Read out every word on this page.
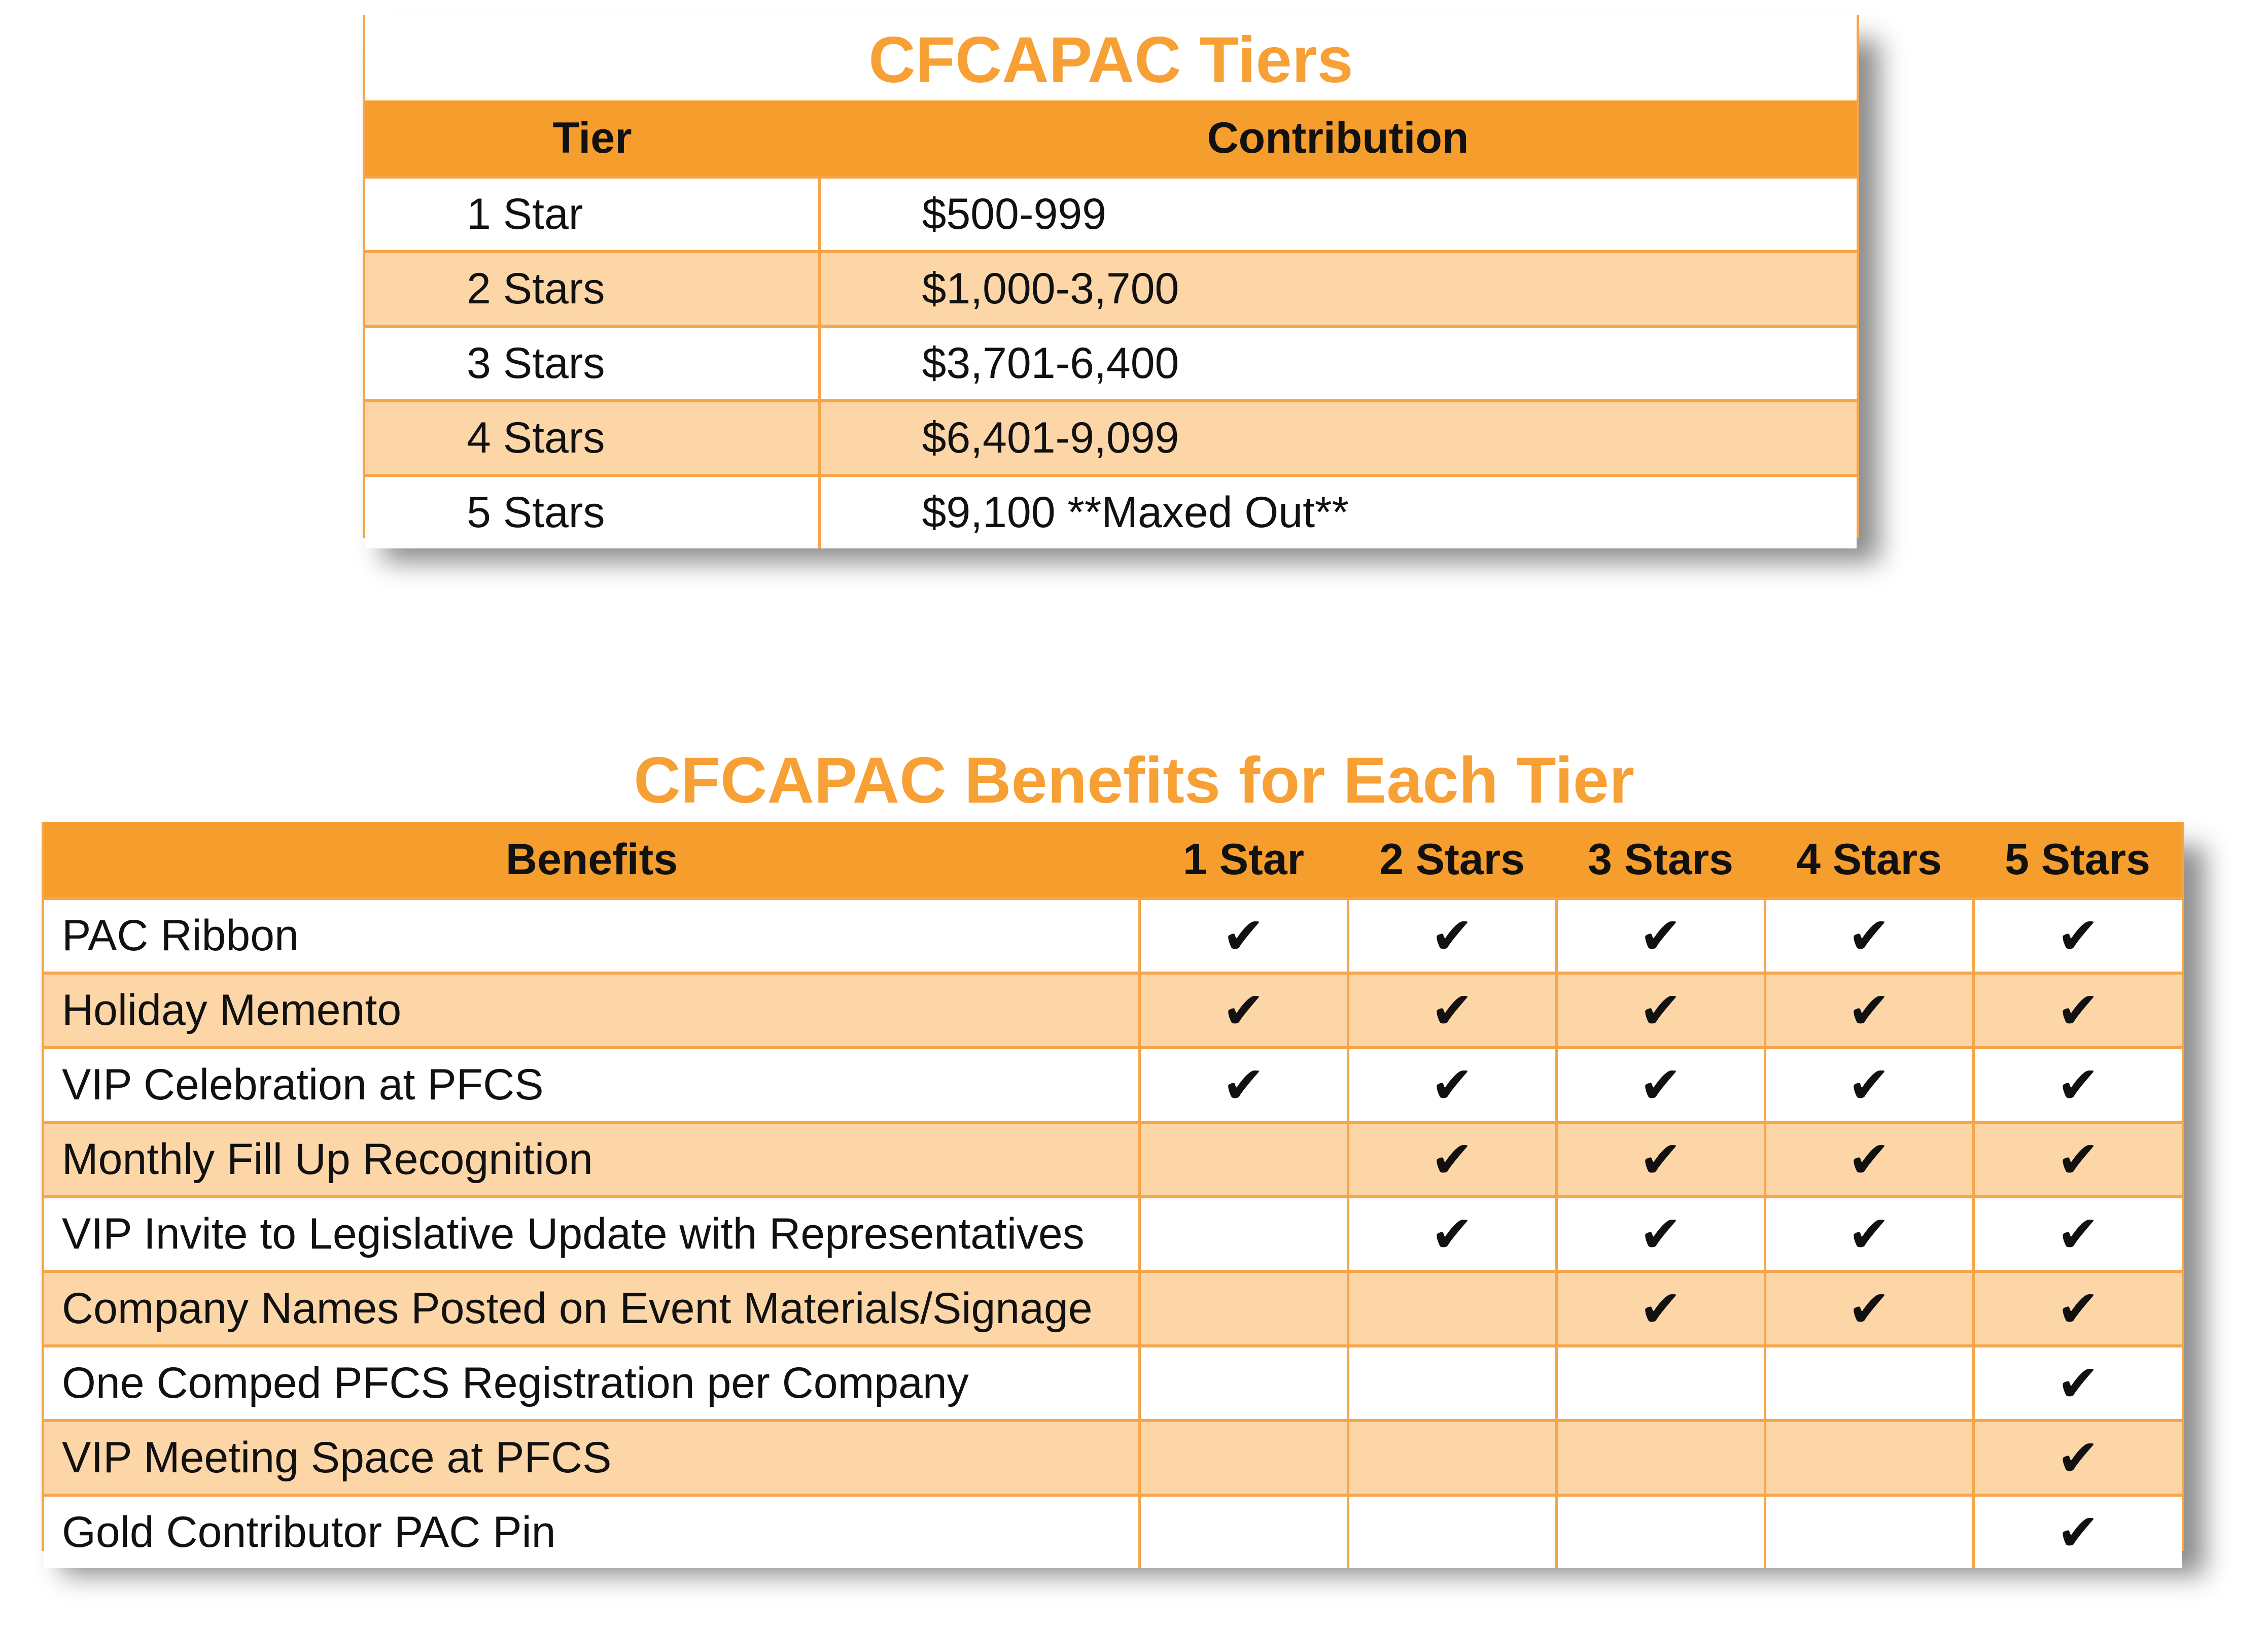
Tier	Contribution
1 Star	$500-999
2 Stars	$1,000-3,700
3 Stars	$3,701-6,400
4 Stars	$6,401-9,099
5 Stars	$9,100 **Maxed Out**
CFCAPAC Tiers
CFCAPAC Benefits for Each Tier
Benefits	1 Star	2 Stars	3 Stars	4 Stars	5 Stars
PAC Ribbon	✔	✔	✔	✔	✔
Holiday Memento	✔	✔	✔	✔	✔
VIP Celebration at PFCS	✔	✔	✔	✔	✔
Monthly Fill Up Recognition		✔	✔	✔	✔
VIP Invite to Legislative Update with Representatives		✔	✔	✔	✔
Company Names Posted on Event Materials/Signage			✔	✔	✔
One Comped PFCS Registration per Company					✔
VIP Meeting Space at PFCS					✔
Gold Contributor PAC Pin					✔
